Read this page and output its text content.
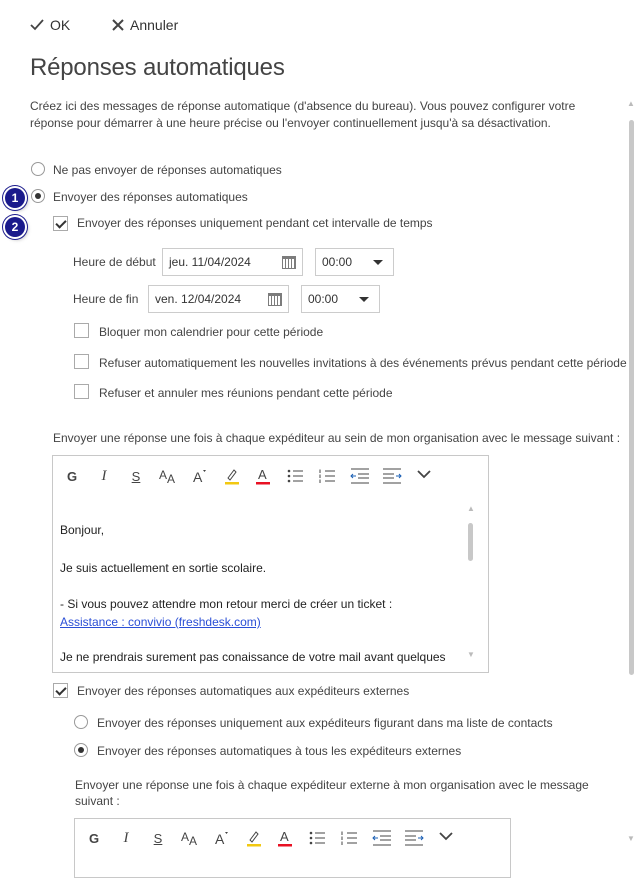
OK	Annuler
Réponses automatiques
Créez ici des messages de réponse automatique (d'absence du bureau). Vous pouvez configurer votre réponse pour démarrer à une heure précise ou l'envoyer continuellement jusqu'à sa désactivation.
▲
▼
Ne pas envoyer de réponses automatiques
1	Envoyer des réponses automatiques
2	Envoyer des réponses uniquement pendant cet intervalle de temps
Heure de début	jeu. 11/04/2024	00:00
Heure de fin	ven. 12/04/2024	00:00
Bloquer mon calendrier pour cette période
Refuser automatiquement les nouvelles invitations à des événements prévus pendant cette période
Refuser et annuler mes réunions pendant cette période
Envoyer une réponse une fois à chaque expéditeur au sein de mon organisation avec le message suivant :
G I S A A A	A
Bonjour,
Je suis actuellement en sortie scolaire.
- Si vous pouvez attendre mon retour merci de créer un ticket :
Assistance : convivio (freshdesk.com)
Je ne prendrais surement pas conaissance de votre mail avant quelques
▲
▼
Envoyer des réponses automatiques aux expéditeurs externes
Envoyer des réponses uniquement aux expéditeurs figurant dans ma liste de contacts
Envoyer des réponses automatiques à tous les expéditeurs externes
Envoyer une réponse une fois à chaque expéditeur externe à mon organisation avec le message
suivant :
G I S A A A	A
